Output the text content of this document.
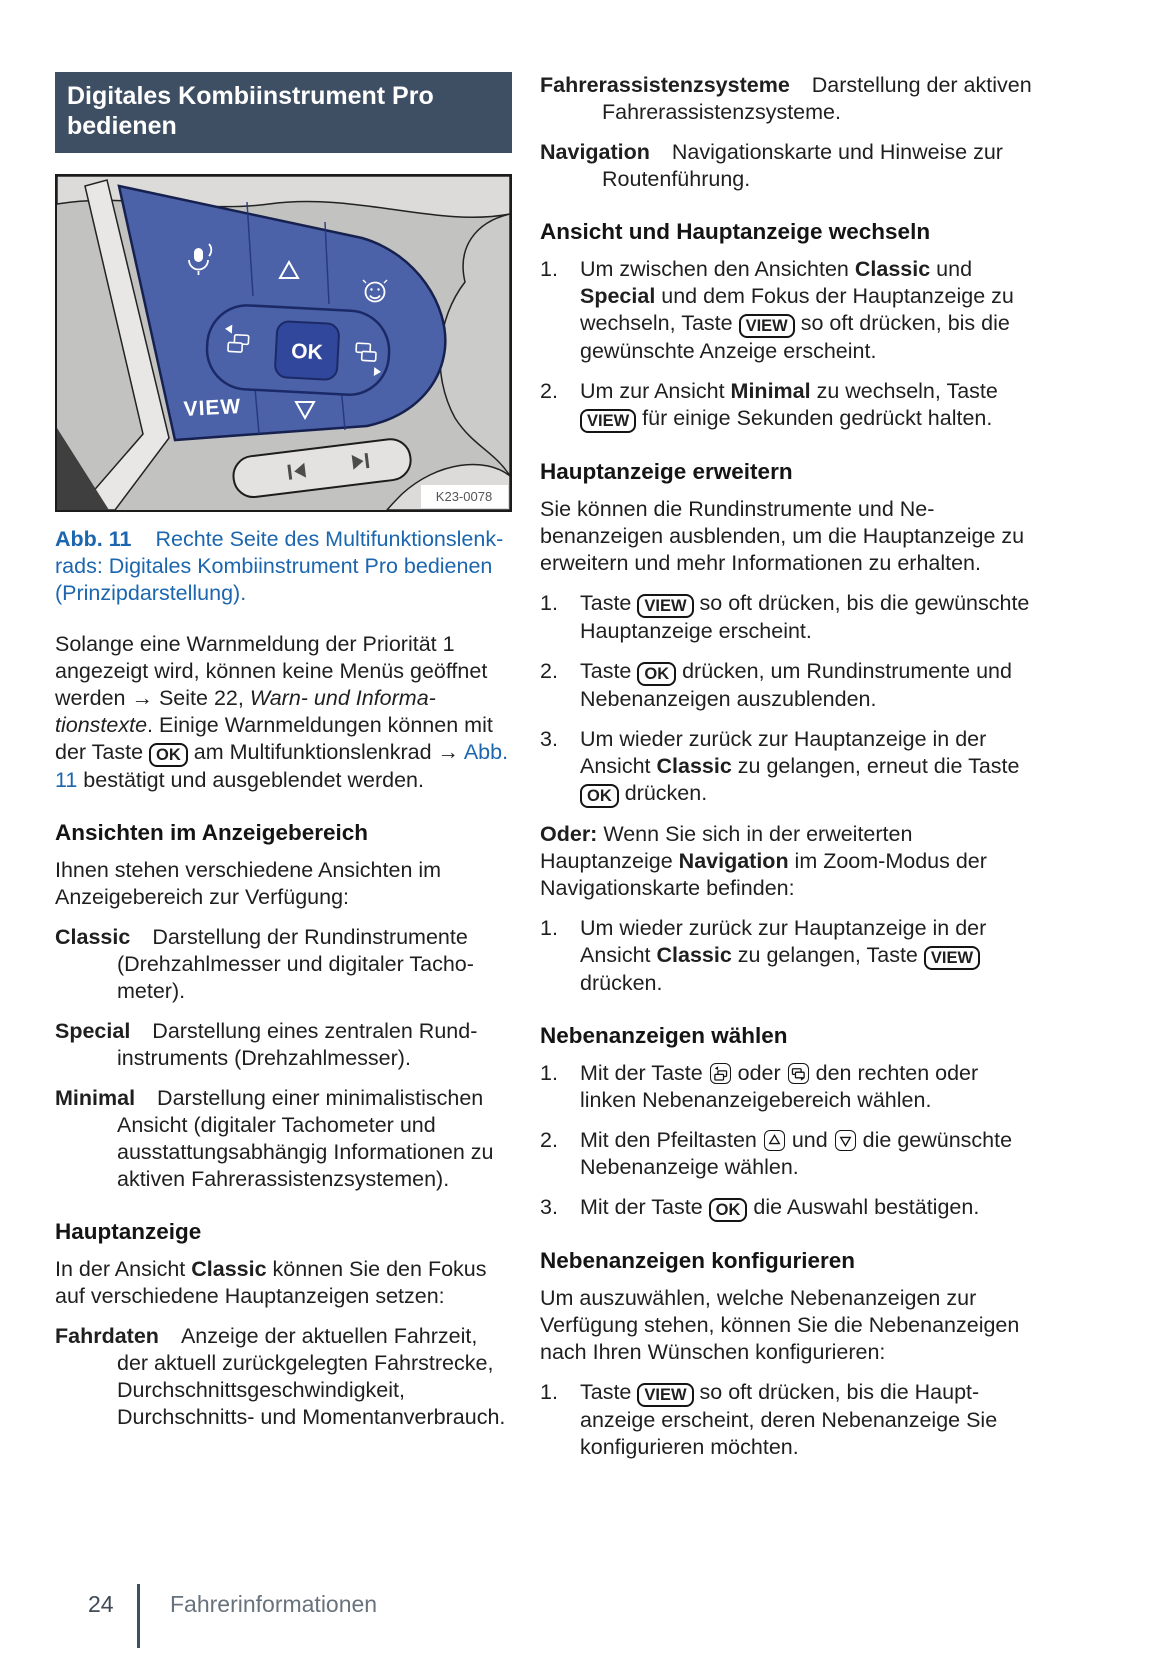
Digitales Kombiinstrument Pro bedienen
OK
VIEW
K23-0078

Abb. 11 Rechte Seite des Multifunktionslenkrads: Digitales Kombiinstrument Pro bedienen (Prinzipdarstellung).

Solange eine Warnmeldung der Priorität 1 angezeigt wird, können keine Menüs geöffnet werden → Seite 22, Warn- und Informationstexte. Einige Warnmeldungen können mit der Taste OK am Multifunktionslenkrad → Abb. 11 bestätigt und ausgeblendet werden.

Ansichten im Anzeigebereich

Ihnen stehen verschiedene Ansichten im Anzeigebereich zur Verfügung:

Classic Darstellung der Rundinstrumente (Drehzahlmesser und digitaler Tachometer).

Special Darstellung eines zentralen Rundinstruments (Drehzahlmesser).

Minimal Darstellung einer minimalistischen Ansicht (digitaler Tachometer und ausstattungsabhängig Informationen zu aktiven Fahrerassistenzsystemen).

Hauptanzeige

In der Ansicht Classic können Sie den Fokus auf verschiedene Hauptanzeigen setzen:

Fahrdaten Anzeige der aktuellen Fahrzeit, der aktuell zurückgelegten Fahrstrecke, Durchschnittsgeschwindigkeit, Durchschnitts- und Momentanverbrauch.

Fahrerassistenzsysteme Darstellung der aktiven Fahrerassistenzsysteme.

Navigation Navigationskarte und Hinweise zur Routenführung.

Ansicht und Hauptanzeige wechseln
1.	Um zwischen den Ansichten Classic und Special und dem Fokus der Hauptanzeige zu wechseln, Taste VIEW so oft drücken, bis die gewünschte Anzeige erscheint.
2.	Um zur Ansicht Minimal zu wechseln, Taste VIEW für einige Sekunden gedrückt halten.
Hauptanzeige erweitern

Sie können die Rundinstrumente und Nebenanzeigen ausblenden, um die Hauptanzeige zu erweitern und mehr Informationen zu erhalten.

1.	Taste VIEW so oft drücken, bis die gewünschte Hauptanzeige erscheint.
2.	Taste OK drücken, um Rundinstrumente und Nebenanzeigen auszublenden.
3.	Um wieder zurück zur Hauptanzeige in der Ansicht Classic zu gelangen, erneut die Taste OK drücken.

Oder: Wenn Sie sich in der erweiterten Hauptanzeige Navigation im Zoom-Modus der Navigationskarte befinden:

1.	Um wieder zurück zur Hauptanzeige in der Ansicht Classic zu gelangen, Taste VIEW drücken.
Nebenanzeigen wählen
1.	Mit der Taste
oder
den rechten oder linken Nebenanzeigebereich wählen.
2.	Mit den Pfeiltasten
und
die gewünschte Nebenanzeige wählen.
3.	Mit der Taste OK die Auswahl bestätigen.
Nebenanzeigen konfigurieren

Um auszuwählen, welche Nebenanzeigen zur Verfügung stehen, können Sie die Nebenanzeigen nach Ihren Wünschen konfigurieren:

1.	Taste VIEW so oft drücken, bis die Hauptanzeige erscheint, deren Nebenanzeige Sie konfigurieren möchten.
24 Fahrerinformationen
